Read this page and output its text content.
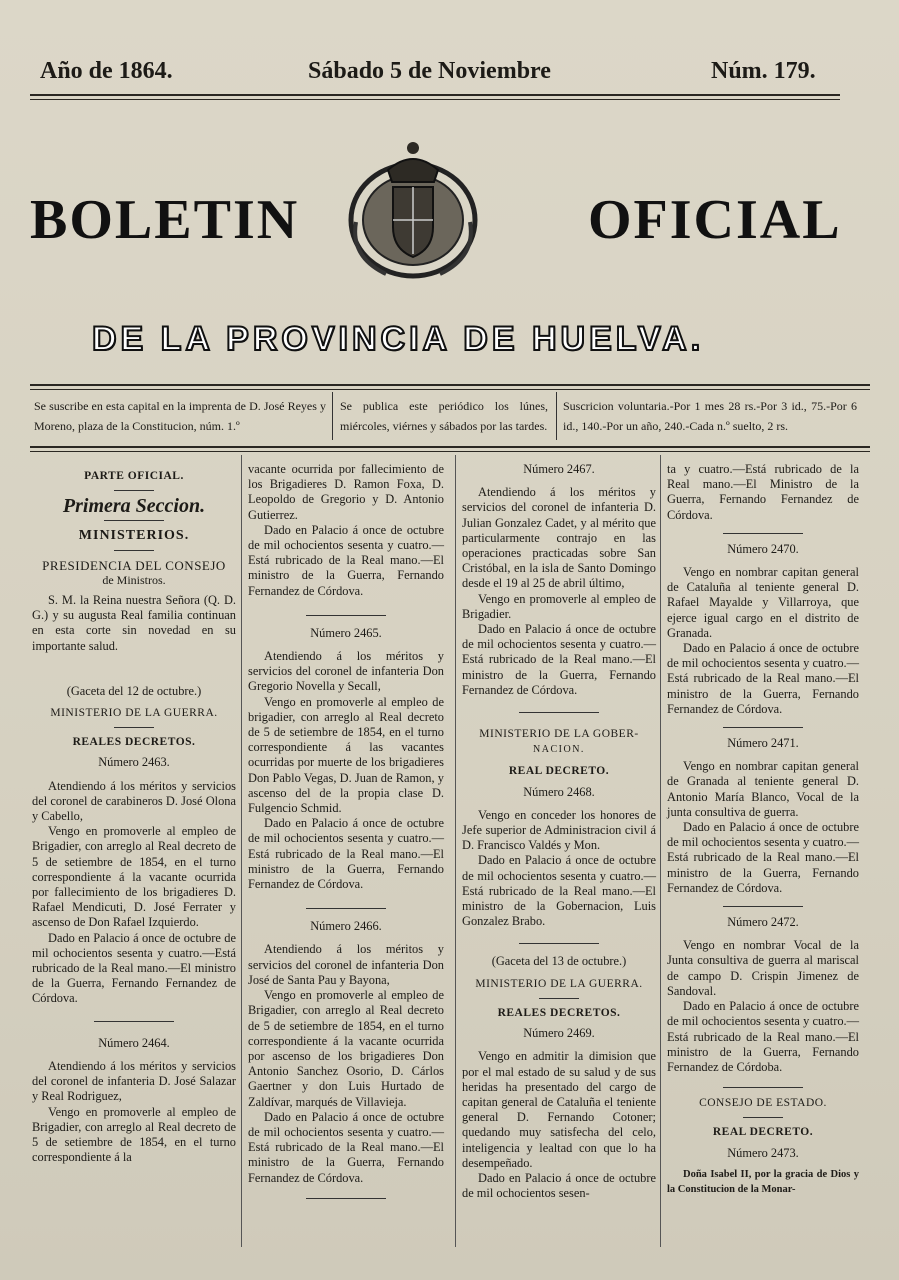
Año de 1864.	Sábado 5 de Noviembre	Núm. 179.
BOLETIN	OFICIAL
DE LA PROVINCIA DE HUELVA.
Se suscribe en esta capital en la imprenta de D. José Reyes y Moreno, plaza de la Constitucion, núm. 1.º
Se publica este periódico los lúnes, miércoles, viérnes y sábados por las tardes.
Suscricion voluntaria.-Por 1 mes 28 rs.-Por 3 id., 75.-Por 6 id., 140.-Por un año, 240.-Cada n.º suelto, 2 rs.
PARTE OFICIAL.
Primera Seccion.
MINISTERIOS.
PRESIDENCIA DEL CONSEJO
de Ministros.

S. M. la Reina nuestra Señora (Q. D. G.) y su augusta Real familia continuan en esta corte sin novedad en su importante salud.

(Gaceta del 12 de octubre.)
MINISTERIO DE LA GUERRA.
REALES DECRETOS.
Número 2463.

Atendiendo á los méritos y servicios del coronel de carabineros D. José Olona y Cabello,

Vengo en promoverle al empleo de Brigadier, con arreglo al Real decreto de 5 de setiembre de 1854, en el turno correspondiente á la vacante ocurrida por fallecimiento de los brigadieres D. Rafael Mendicuti, D. José Ferrater y ascenso de Don Rafael Izquierdo.

Dado en Palacio á once de octubre de mil ochocientos sesenta y cuatro.—Está rubricado de la Real mano.—El ministro de la Guerra, Fernando Fernandez de Córdova.

Número 2464.

Atendiendo á los méritos y servicios del coronel de infanteria D. José Salazar y Real Rodriguez,

Vengo en promoverle al empleo de Brigadier, con arreglo al Real decreto de 5 de setiembre de 1854, en el turno correspondiente á la

vacante ocurrida por fallecimiento de los Brigadieres D. Ramon Foxa, D. Leopoldo de Gregorio y D. Antonio Gutierrez.

Dado en Palacio á once de octubre de mil ochocientos sesenta y cuatro.—Está rubricado de la Real mano.—El ministro de la Guerra, Fernando Fernandez de Córdova.

Número 2465.

Atendiendo á los méritos y servicios del coronel de infanteria Don Gregorio Novella y Secall,

Vengo en promoverle al empleo de brigadier, con arreglo al Real decreto de 5 de setiembre de 1854, en el turno correspondiente á las vacantes ocurridas por muerte de los brigadieres Don Pablo Vegas, D. Juan de Ramon, y ascenso del de la propia clase D. Fulgencio Schmid.

Dado en Palacio á once de octubre de mil ochocientos sesenta y cuatro.—Está rubricado de la Real mano.—El ministro de la Guerra, Fernando Fernandez de Córdova.

Número 2466.

Atendiendo á los méritos y servicios del coronel de infanteria Don José de Santa Pau y Bayona,

Vengo en promoverle al empleo de Brigadier, con arreglo al Real decreto de 5 de setiembre de 1854, en el turno correspondiente á la vacante ocurrida por ascenso de los brigadieres Don Antonio Sanchez Osorio, D. Cárlos Gaertner y don Luis Hurtado de Zaldívar, marqués de Villavieja.

Dado en Palacio á once de octubre de mil ochocientos sesenta y cuatro.—Está rubricado de la Real mano.—El ministro de la Guerra, Fernando Fernandez de Córdova.

Número 2467.

Atendiendo á los méritos y servicios del coronel de infanteria D. Julian Gonzalez Cadet, y al mérito que particularmente contrajo en las operaciones practicadas sobre San Cristóbal, en la isla de Santo Domingo desde el 19 al 25 de abril último,

Vengo en promoverle al empleo de Brigadier.

Dado en Palacio á once de octubre de mil ochocientos sesenta y cuatro.—Está rubricado de la Real mano.—El ministro de la Guerra, Fernando Fernandez de Córdova.

MINISTERIO DE LA GOBER-
NACION.
REAL DECRETO.
Número 2468.

Vengo en conceder los honores de Jefe superior de Administracion civil á D. Francisco Valdés y Mon.

Dado en Palacio á once de octubre de mil ochocientos sesenta y cuatro.—Está rubricado de la Real mano.—El ministro de la Gobernacion, Luis Gonzalez Brabo.

(Gaceta del 13 de octubre.)
MINISTERIO DE LA GUERRA.
REALES DECRETOS.
Número 2469.

Vengo en admitir la dimision que por el mal estado de su salud y de sus heridas ha presentado del cargo de capitan general de Cataluña el teniente general D. Fernando Cotoner; quedando muy satisfecha del celo, inteligencia y lealtad con que lo ha desempeñado.

Dado en Palacio á once de octubre de mil ochocientos sesen-

ta y cuatro.—Está rubricado de la Real mano.—El Ministro de la Guerra, Fernando Fernandez de Córdova.

Número 2470.

Vengo en nombrar capitan general de Cataluña al teniente general D. Rafael Mayalde y Villarroya, que ejerce igual cargo en el distrito de Granada.

Dado en Palacio á once de octubre de mil ochocientos sesenta y cuatro.—Está rubricado de la Real mano.—El ministro de la Guerra, Fernando Fernandez de Córdova.

Número 2471.

Vengo en nombrar capitan general de Granada al teniente general D. Antonio María Blanco, Vocal de la junta consultiva de guerra.

Dado en Palacio á once de octubre de mil ochocientos sesenta y cuatro.—Está rubricado de la Real mano.—El ministro de la Guerra, Fernando Fernandez de Córdova.

Número 2472.

Vengo en nombrar Vocal de la Junta consultiva de guerra al mariscal de campo D. Crispin Jimenez de Sandoval.

Dado en Palacio á once de octubre de mil ochocientos sesenta y cuatro.—Está rubricado de la Real mano.—El ministro de la Guerra, Fernando Fernandez de Córdoba.

CONSEJO DE ESTADO.
REAL DECRETO.
Número 2473.

Doña Isabel II, por la gracia de Dios y la Constitucion de la Monar-
